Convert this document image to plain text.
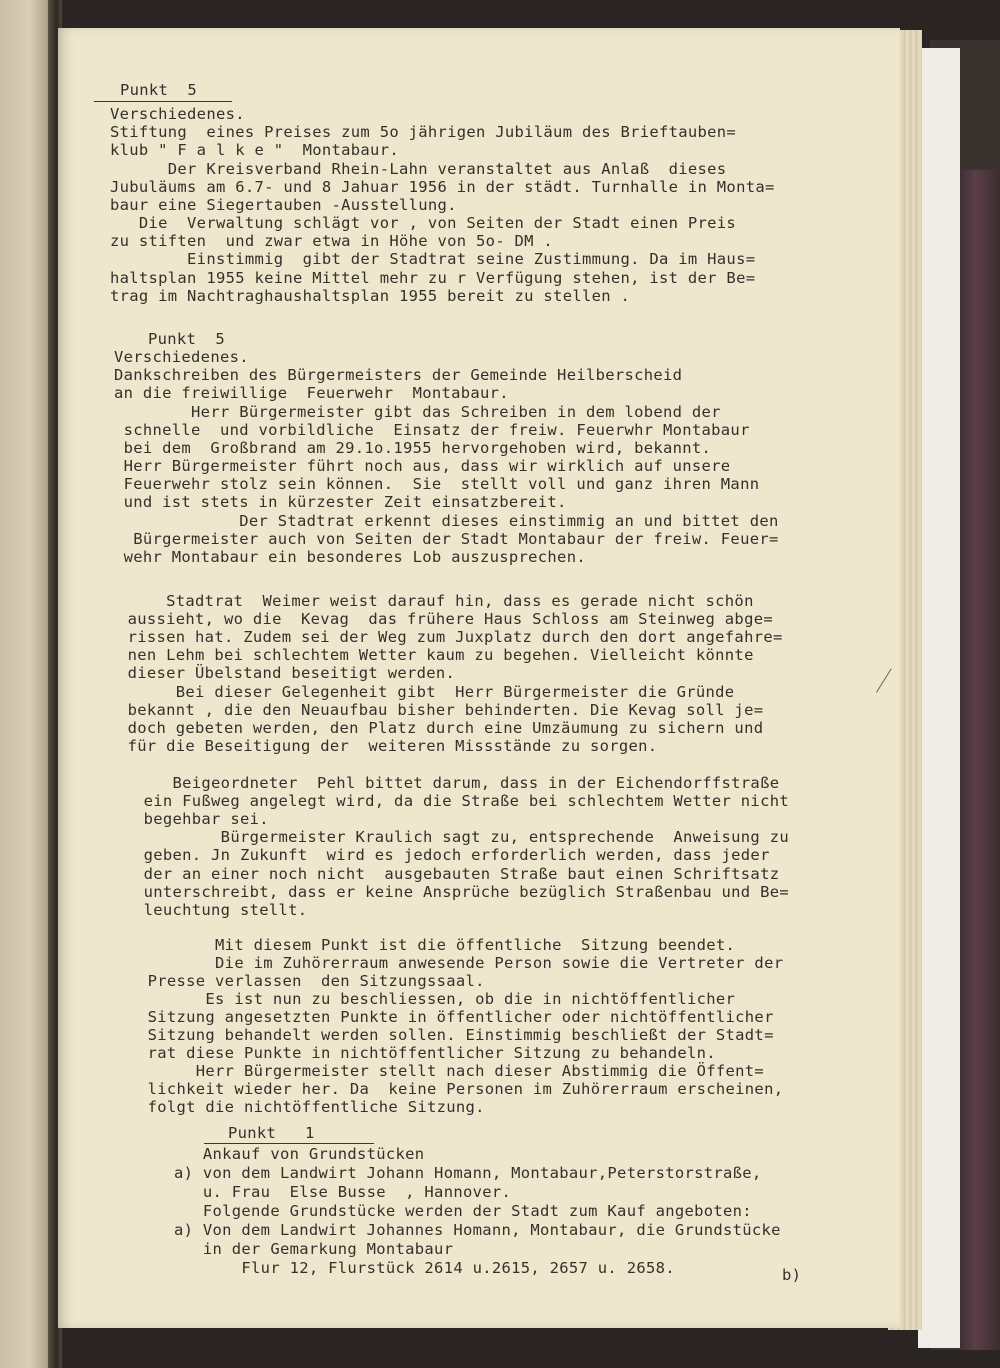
Punkt  5
Verschiedenes.
Stiftung  eines Preises zum 5o jährigen Jubiläum des Brieftauben=
klub " F a l k e "  Montabaur.
Der Kreisverband Rhein-Lahn veranstaltet aus Anlaß  dieses
Jubuläums am 6.7- und 8 Jahuar 1956 in der städt. Turnhalle in Monta=
baur eine Siegertauben -Ausstellung.
Die  Verwaltung schlägt vor , von Seiten der Stadt einen Preis
zu stiften  und zwar etwa in Höhe von 5o- DM .
Einstimmig  gibt der Stadtrat seine Zustimmung. Da im Haus=
haltsplan 1955 keine Mittel mehr zu r Verfügung stehen, ist der Be=
trag im Nachtraghaushaltsplan 1955 bereit zu stellen .
Punkt  5
Verschiedenes.
Dankschreiben des Bürgermeisters der Gemeinde Heilberscheid
an die freiwillige  Feuerwehr  Montabaur.
Herr Bürgermeister gibt das Schreiben in dem lobend der
schnelle  und vorbildliche  Einsatz der freiw. Feuerwhr Montabaur
bei dem  Großbrand am 29.1o.1955 hervorgehoben wird, bekannt.
Herr Bürgermeister führt noch aus, dass wir wirklich auf unsere
Feuerwehr stolz sein können.  Sie  stellt voll und ganz ihren Mann
und ist stets in kürzester Zeit einsatzbereit.
Der Stadtrat erkennt dieses einstimmig an und bittet den
Bürgermeister auch von Seiten der Stadt Montabaur der freiw. Feuer=
wehr Montabaur ein besonderes Lob auszusprechen.
Stadtrat  Weimer weist darauf hin, dass es gerade nicht schön
aussieht, wo die  Kevag  das frühere Haus Schloss am Steinweg abge=
rissen hat. Zudem sei der Weg zum Juxplatz durch den dort angefahre=
nen Lehm bei schlechtem Wetter kaum zu begehen. Vielleicht könnte
dieser Übelstand beseitigt werden.
Bei dieser Gelegenheit gibt  Herr Bürgermeister die Gründe
bekannt , die den Neuaufbau bisher behinderten. Die Kevag soll je=
doch gebeten werden, den Platz durch eine Umzäumung zu sichern und
für die Beseitigung der  weiteren Missstände zu sorgen.
Beigeordneter  Pehl bittet darum, dass in der Eichendorffstraße
ein Fußweg angelegt wird, da die Straße bei schlechtem Wetter nicht
begehbar sei.
Bürgermeister Kraulich sagt zu, entsprechende  Anweisung zu
geben. Jn Zukunft  wird es jedoch erforderlich werden, dass jeder
der an einer noch nicht  ausgebauten Straße baut einen Schriftsatz
unterschreibt, dass er keine Ansprüche bezüglich Straßenbau und Be=
leuchtung stellt.
Mit diesem Punkt ist die öffentliche  Sitzung beendet.
Die im Zuhörerraum anwesende Person sowie die Vertreter der
Presse verlassen  den Sitzungssaal.
Es ist nun zu beschliessen, ob die in nichtöffentlicher
Sitzung angesetzten Punkte in öffentlicher oder nichtöffentlicher
Sitzung behandelt werden sollen. Einstimmig beschließt der Stadt=
rat diese Punkte in nichtöffentlicher Sitzung zu behandeln.
Herr Bürgermeister stellt nach dieser Abstimmig die Öffent=
lichkeit wieder her. Da  keine Personen im Zuhörerraum erscheinen,
folgt die nichtöffentliche Sitzung.
Punkt   1
Ankauf von Grundstücken
a) von dem Landwirt Johann Homann, Montabaur,Peterstorstraße,
u. Frau  Else Busse  , Hannover.
Folgende Grundstücke werden der Stadt zum Kauf angeboten:
a) Von dem Landwirt Johannes Homann, Montabaur, die Grundstücke
in der Gemarkung Montabaur
Flur 12, Flurstück 2614 u.2615, 2657 u. 2658.	b)
